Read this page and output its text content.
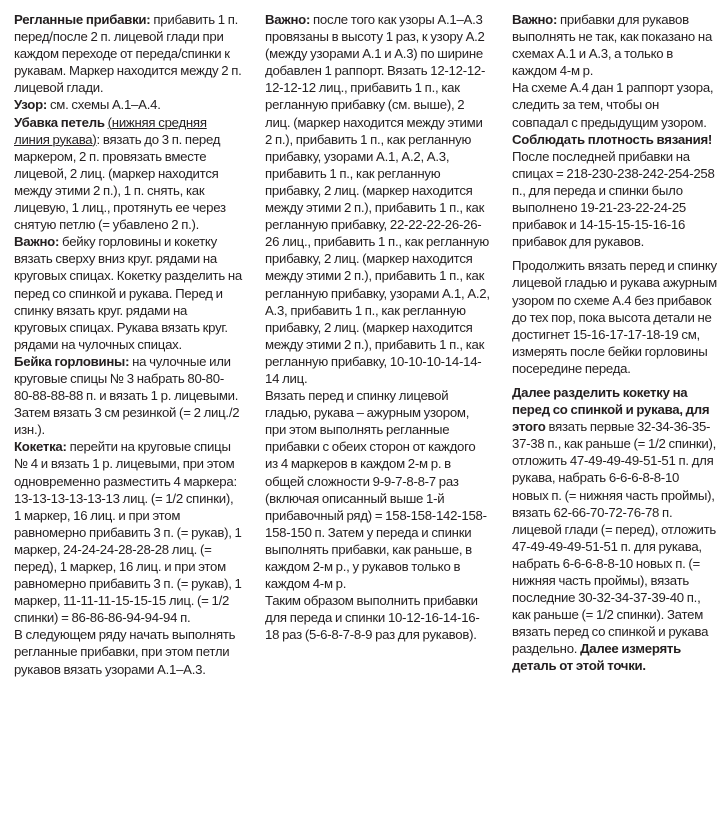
Регланные прибавки: прибавить 1 п. перед/после 2 п. лицевой глади при каждом переходе от переда/спинки к рукавам. Маркер находится между 2 п. лицевой глади.

Узор: см. схемы А.1–А.4.

Убавка петель (нижняя средняя линия рукава): вязать до 3 п. перед маркером, 2 п. провязать вместе лицевой, 2 лиц. (маркер находится между этими 2 п.), 1 п. снять, как лицевую, 1 лиц., протянуть ее через снятую петлю (= убавлено 2 п.).

Важно: бейку горловины и кокетку вязать сверху вниз круг. рядами на круговых спицах. Кокетку разделить на перед со спинкой и рукава. Перед и спинку вязать круг. рядами на круговых спицах. Рукава вязать круг. рядами на чулочных спицах.

Бейка горловины: на чулочные или круговые спицы № 3 набрать 80-80-80-88-88-88 п. и вязать 1 р. лицевыми. Затем вязать 3 см резинкой (= 2 лиц./2 изн.).

Кокетка: перейти на круговые спицы № 4 и вязать 1 р. лицевыми, при этом одновременно разместить 4 маркера: 13-13-13-13-13-13 лиц. (= 1/2 спинки), 1 маркер, 16 лиц. и при этом равномерно прибавить 3 п. (= рукав), 1 маркер, 24-24-24-28-28-28 лиц. (= перед), 1 маркер, 16 лиц. и при этом равномерно прибавить 3 п. (= рукав), 1 маркер, 11-11-11-15-15-15 лиц. (= 1/2 спинки) = 86-86-86-94-94-94 п.

В следующем ряду начать выполнять регланные прибавки, при этом петли рукавов вязать узорами А.1–А.3.

Важно: после того как узоры А.1–А.3 провязаны в высоту 1 раз, к узору А.2 (между узорами А.1 и А.3) по ширине добавлен 1 раппорт. Вязать 12-12-12-12-12-12 лиц., прибавить 1 п., как регланную прибавку (см. выше), 2 лиц. (маркер находится между этими 2 п.), прибавить 1 п., как регланную прибавку, узорами А.1, А.2, А.3, прибавить 1 п., как регланную прибавку, 2 лиц. (маркер находится между этими 2 п.), прибавить 1 п., как регланную прибавку, 22-22-22-26-26-26 лиц., прибавить 1 п., как регланную прибавку, 2 лиц. (маркер находится между этими 2 п.), прибавить 1 п., как регланную прибавку, узорами А.1, А.2, А.3, прибавить 1 п., как регланную прибавку, 2 лиц. (маркер находится между этими 2 п.), прибавить 1 п., как регланную прибавку, 10-10-10-14-14-14 лиц.

Вязать перед и спинку лицевой гладью, рукава – ажурным узором, при этом выполнять регланные прибавки с обеих сторон от каждого из 4 маркеров в каждом 2-м р. в общей сложности 9-9-7-8-8-7 раз (включая описанный выше 1-й прибавочный ряд) = 158-158-142-158-158-150 п. Затем у переда и спинки выполнять прибавки, как раньше, в каждом 2-м р., у рукавов только в каждом 4-м р.

Таким образом выполнить прибавки для переда и спинки 10-12-16-14-16-18 раз (5-6-8-7-8-9 раз для рукавов).

Важно: прибавки для рукавов выполнять не так, как показано на схемах А.1 и А.3, а только в каждом 4-м р.

На схеме А.4 дан 1 раппорт узора, следить за тем, чтобы он совпадал с предыдущим узором. Соблюдать плотность вязания!

После последней прибавки на спицах = 218-230-238-242-254-258 п., для переда и спинки было выполнено 19-21-23-22-24-25 прибавок и 14-15-15-15-16-16 прибавок для рукавов.

Продолжить вязать перед и спинку лицевой гладью и рукава ажурным узором по схеме А.4 без прибавок до тех пор, пока высота детали не достигнет 15-16-17-17-18-19 см, измерять после бейки горловины посередине переда.

Далее разделить кокетку на перед со спинкой и рукава, для этого вязать первые 32-34-36-35-37-38 п., как раньше (= 1/2 спинки), отложить 47-49-49-49-51-51 п. для рукава, набрать 6-6-6-8-8-10 новых п. (= нижняя часть проймы), вязать 62-66-70-72-76-78 п. лицевой глади (= перед), отложить 47-49-49-49-51-51 п. для рукава, набрать 6-6-6-8-8-10 новых п. (= нижняя часть проймы), вязать последние 30-32-34-37-39-40 п., как раньше (= 1/2 спинки). Затем вязать перед со спинкой и рукава раздельно. Далее измерять деталь от этой точки.
